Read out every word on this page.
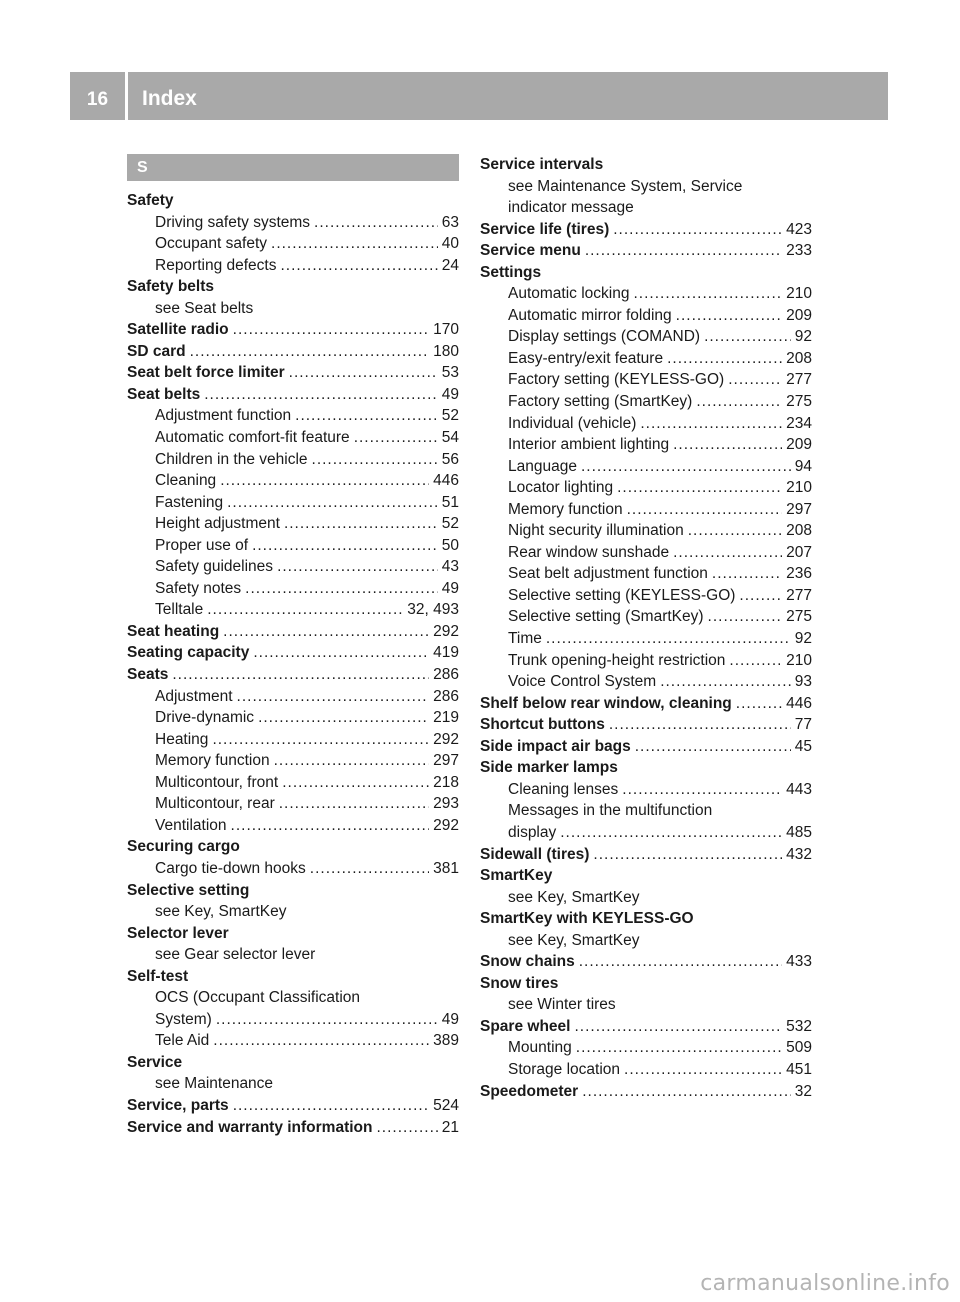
16	Index
S
Safety
Driving safety systems .....	63
Occupant safety .....	40
Reporting defects .....	24
Safety belts
see Seat belts
Satellite radio .....	170
SD card .....	180
Seat belt force limiter .....	53
Seat belts .....	49
Adjustment function .....	52
Automatic comfort-fit feature .....	54
Children in the vehicle .....	56
Cleaning .....	446
Fastening .....	51
Height adjustment .....	52
Proper use of .....	50
Safety guidelines .....	43
Safety notes .....	49
Telltale .....	32, 493
Seat heating .....	292
Seating capacity .....	419
Seats .....	286
Adjustment .....	286
Drive-dynamic .....	219
Heating .....	292
Memory function .....	297
Multicontour, front .....	218
Multicontour, rear .....	293
Ventilation .....	292
Securing cargo
Cargo tie-down hooks .....	381
Selective setting
see Key, SmartKey
Selector lever
see Gear selector lever
Self-test
OCS (Occupant Classification
System) .....	49
Tele Aid .....	389
Service
see Maintenance
Service, parts .....	524
Service and warranty information .....	21
Service intervals
see Maintenance System, Service
indicator message
Service life (tires) .....	423
Service menu .....	233
Settings
Automatic locking .....	210
Automatic mirror folding .....	209
Display settings (COMAND) .....	92
Easy-entry/exit feature .....	208
Factory setting (KEYLESS-GO) .....	277
Factory setting (SmartKey) .....	275
Individual (vehicle) .....	234
Interior ambient lighting .....	209
Language .....	94
Locator lighting .....	210
Memory function .....	297
Night security illumination .....	208
Rear window sunshade .....	207
Seat belt adjustment function .....	236
Selective setting (KEYLESS-GO) .....	277
Selective setting (SmartKey) .....	275
Time .....	92
Trunk opening-height restriction .....	210
Voice Control System .....	93
Shelf below rear window, cleaning .....	446
Shortcut buttons .....	77
Side impact air bags .....	45
Side marker lamps
Cleaning lenses .....	443
Messages in the multifunction
display .....	485
Sidewall (tires) .....	432
SmartKey
see Key, SmartKey
SmartKey with KEYLESS-GO
see Key, SmartKey
Snow chains .....	433
Snow tires
see Winter tires
Spare wheel .....	532
Mounting .....	509
Storage location .....	451
Speedometer .....	32
carmanualsonline.info
